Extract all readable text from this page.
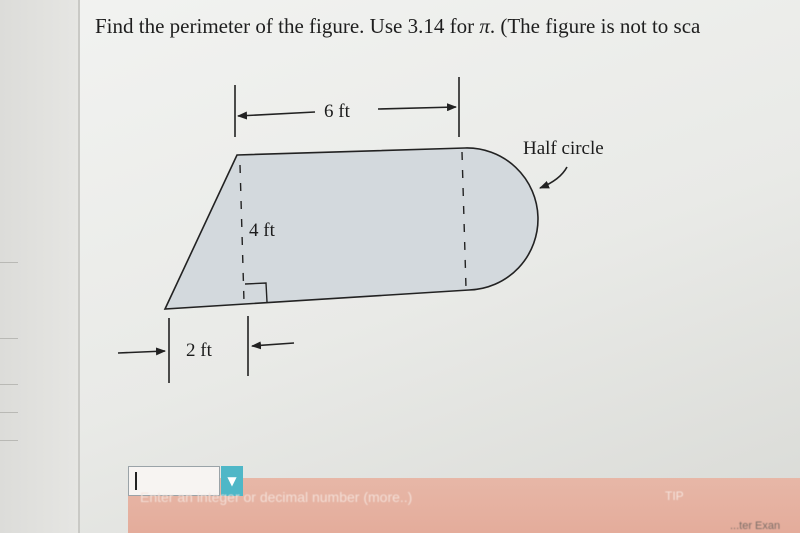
Find the perimeter of the figure. Use 3.14 for π. (The figure is not to sca
6 ft
4 ft
2 ft
Half circle
▼
Enter an integer or decimal number (more..)	TIP
...ter Exan
